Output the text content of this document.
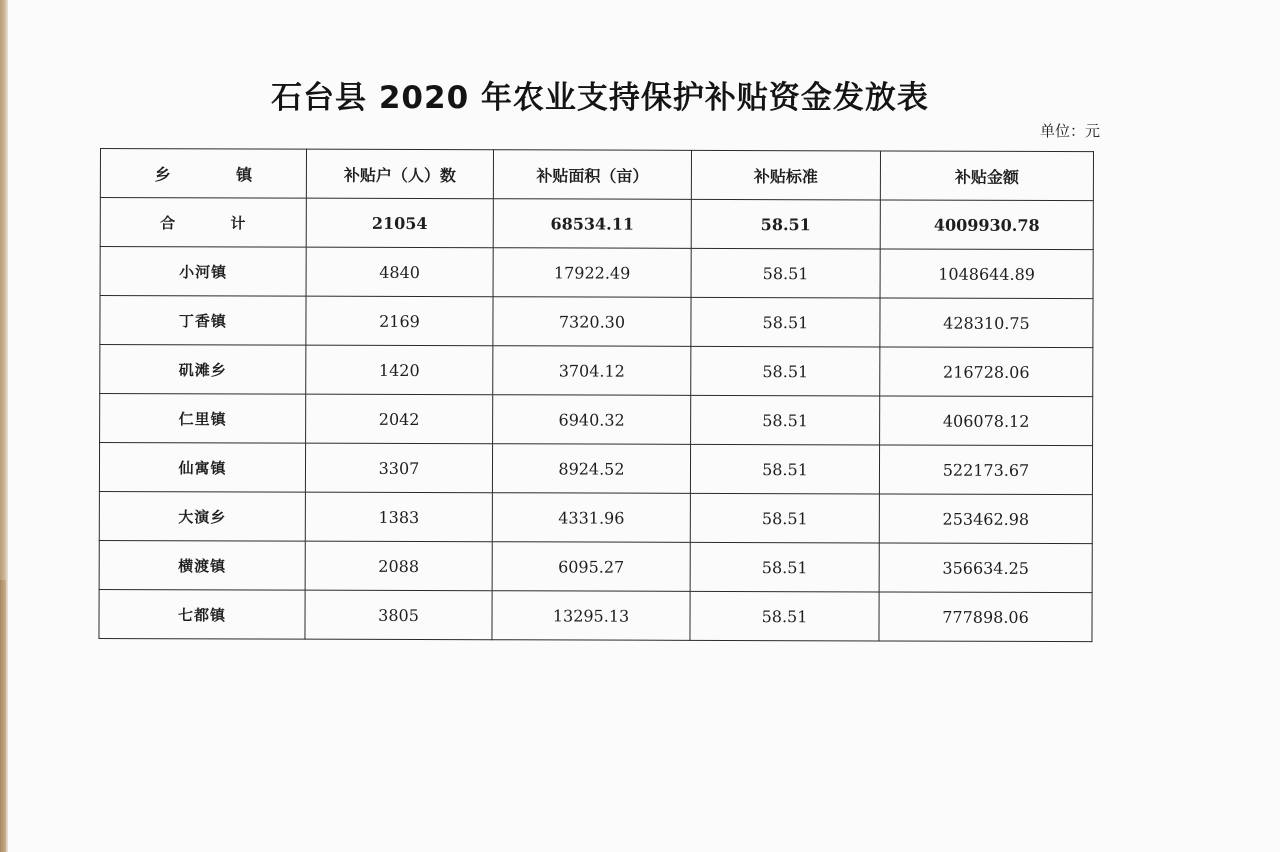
石台县 2020 年农业支持保护补贴资金发放表
单位：元
乡 镇	补贴户（人）数	补贴面积（亩）	补贴标准	补贴金额
合 计	21054	68534.11	58.51	4009930.78
小河镇	4840	17922.49	58.51	1048644.89
丁香镇	2169	7320.30	58.51	428310.75
矶滩乡	1420	3704.12	58.51	216728.06
仁里镇	2042	6940.32	58.51	406078.12
仙寓镇	3307	8924.52	58.51	522173.67
大演乡	1383	4331.96	58.51	253462.98
横渡镇	2088	6095.27	58.51	356634.25
七都镇	3805	13295.13	58.51	777898.06
